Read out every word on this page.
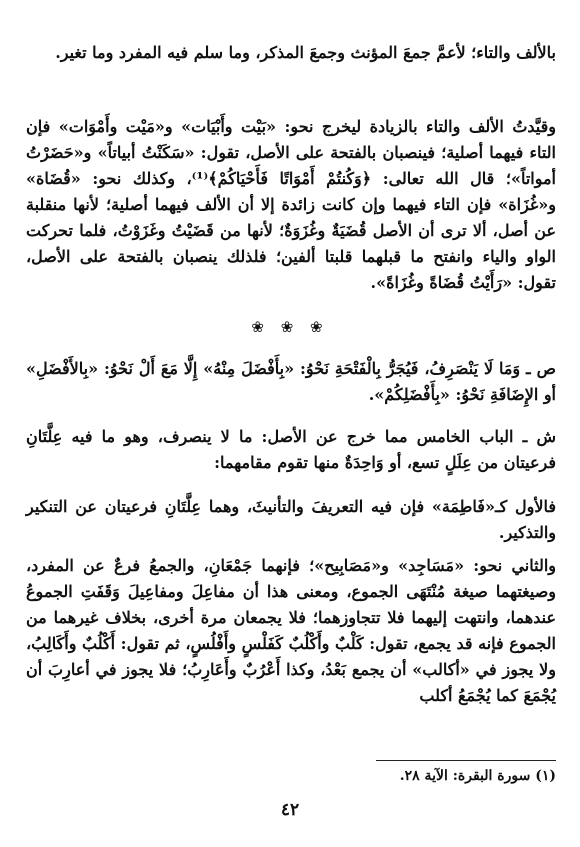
بالألف والتاء؛ لأعمَّ جمعَ المؤنث وجمعَ المذكر، وما سلم فيه المفرد وما تغير.

وقيَّدتُ الألف والتاء بالزيادة ليخرج نحو: «بَيْت وأَبْيَات» و«مَيْت وأَمْوَات» فإن التاء فيهما أصلية؛ فينصبان بالفتحة على الأصل، تقول: «سَكَنْتُ أبياتاً» و«حَضَرْتُ أمواتاً»؛ قال الله تعالى: ﴿وَكُنتُمْ أَمْوَاتًا فَأَحْيَاكُمْ﴾⁽¹⁾، وكذلك نحو: «قُضَاة» و«غُزَاة» فإن التاء فيهما وإن كانت زائدة إلا أن الألف فيهما أصلية؛ لأنها منقلبة عن أصل، ألا ترى أن الأصل قُضَيَةٌ وغُزَوَةٌ؛ لأنها من قَضَيْتُ وغَزَوْتُ، فلما تحركت الواو والياء وانفتح ما قبلهما قلبتا ألفين؛ فلذلك ينصبان بالفتحة على الأصل، تقول: «رَأَيْتُ قُضَاةً وغُزَاةً».

❀ ❀ ❀

ص ـ وَمَا لَا يَنْصَرِفُ، فَيُجَرُّ بِالْفَتْحَةِ نَحْوُ: «بِأَفْضَلَ مِنْهُ» إِلَّا مَعَ أَلْ نَحْوُ: «بِالأَفْضَلِ» أو الإِضَافَةِ نَحْوُ: «بِأَفْضَلِكُمْ».

ش ـ الباب الخامس مما خرج عن الأصل: ما لا ينصرف، وهو ما فيه عِلَّتَانِ فرعيتان من عِلَلٍ تسع، أو وَاحِدَةٌ منها تقوم مقامهما:

فالأول كـ«فَاطِمَة» فإن فيه التعريفَ والتأنيثَ، وهما عِلَّتَانِ فرعيتان عن التنكير والتذكير.

والثاني نحو: «مَسَاجِد» و«مَصَابِيح»؛ فإنهما جَمْعَانِ، والجمعُ فرعٌ عن المفرد، وصيغتهما صيغة مُنْتَهَى الجموع، ومعنى هذا أن مفاعِلَ ومفاعِيلَ وَقَفَتِ الجموعُ عندهما، وانتهت إليهما فلا تتجاوزهما؛ فلا يجمعان مرة أخرى، بخلاف غيرهما من الجموع فإنه قد يجمع، تقول: كَلْبٌ وأَكْلُبٌ كَفَلْسٍ وأَفْلُسٍ، ثم تقول: أَكْلُبٌ وأَكَالِبُ، ولا يجوز في «أكالب» أن يجمع بَعْدُ، وكذا أَعْرُبٌ وأَعَارِبُ؛ فلا يجوز في أعارِبَ أن يُجْمَعَ كما يُجْمَعُ أكلب

(١) سورة البقرة: الآية ٢٨.
٤٢
